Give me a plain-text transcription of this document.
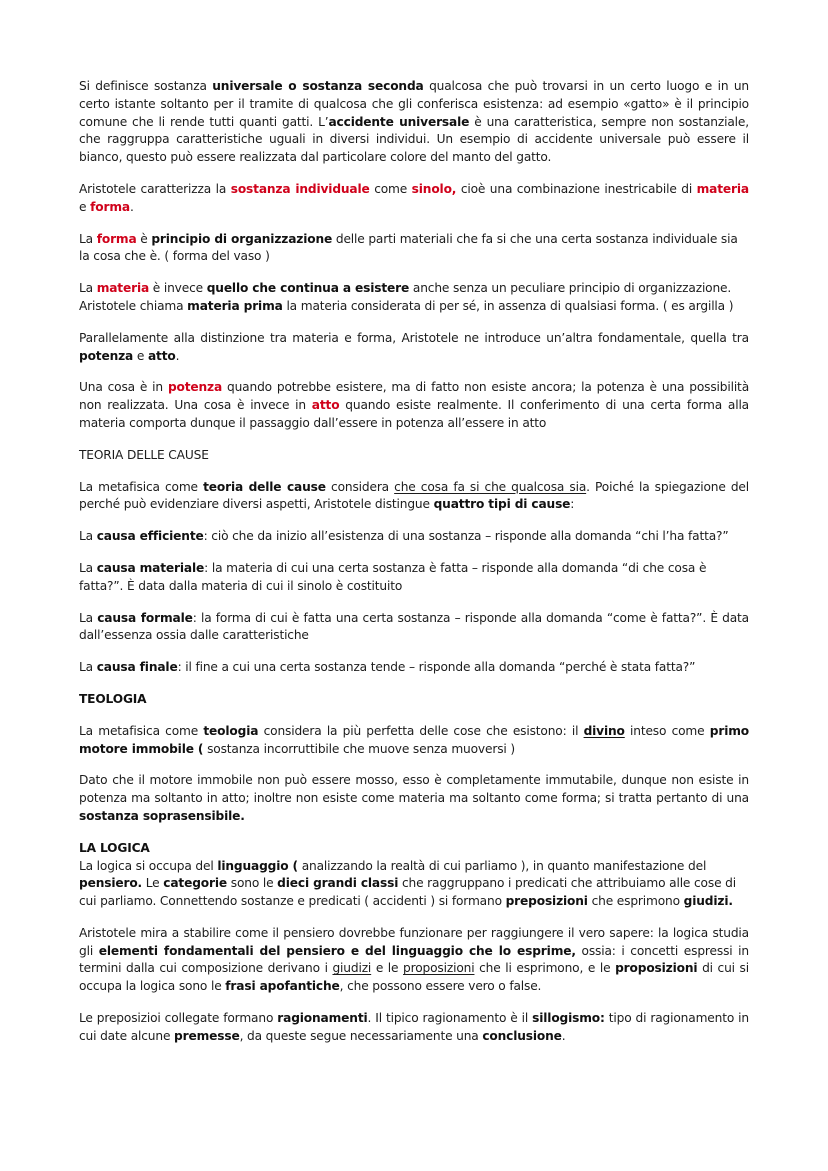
Si definisce sostanza universale o sostanza seconda qualcosa che può trovarsi in un certo luogo e in un certo istante soltanto per il tramite di qualcosa che gli conferisca esistenza: ad esempio «gatto» è il principio comune che li rende tutti quanti gatti. L’accidente universale è una caratteristica, sempre non sostanziale, che raggruppa caratteristiche uguali in diversi individui. Un esempio di accidente universale può essere il bianco, questo può essere realizzata dal particolare colore del manto del gatto.

Aristotele caratterizza la sostanza individuale come sinolo, cioè una combinazione inestricabile di materia e forma.

La forma è principio di organizzazione delle parti materiali che fa si che una certa sostanza individuale sia la cosa che è. ( forma del vaso )

La materia è invece quello che continua a esistere anche senza un peculiare principio di organizzazione.
Aristotele chiama materia prima la materia considerata di per sé, in assenza di qualsiasi forma. ( es argilla )

Parallelamente alla distinzione tra materia e forma, Aristotele ne introduce un’altra fondamentale, quella tra potenza e atto.

Una cosa è in potenza quando potrebbe esistere, ma di fatto non esiste ancora; la potenza è una possibilità non realizzata. Una cosa è invece in atto quando esiste realmente. Il conferimento di una certa forma alla materia comporta dunque il passaggio dall’essere in potenza all’essere in atto

TEORIA DELLE CAUSE

La metafisica come teoria delle cause considera che cosa fa si che qualcosa sia. Poiché la spiegazione del perché può evidenziare diversi aspetti, Aristotele distingue quattro tipi di cause:

La causa efficiente: ciò che da inizio all’esistenza di una sostanza – risponde alla domanda “chi l’ha fatta?”

La causa materiale: la materia di cui una certa sostanza è fatta – risponde alla domanda “di che cosa è fatta?”. È data dalla materia di cui il sinolo è costituito

La causa formale: la forma di cui è fatta una certa sostanza – risponde alla domanda “come è fatta?”. È data dall’essenza ossia dalle caratteristiche

La causa finale: il fine a cui una certa sostanza tende – risponde alla domanda “perché è stata fatta?”

TEOLOGIA

La metafisica come teologia considera la più perfetta delle cose che esistono: il divino inteso come primo motore immobile ( sostanza incorruttibile che muove senza muoversi )

Dato che il motore immobile non può essere mosso, esso è completamente immutabile, dunque non esiste in potenza ma soltanto in atto; inoltre non esiste come materia ma soltanto come forma; si tratta pertanto di una sostanza soprasensibile.

LA LOGICA

La logica si occupa del linguaggio ( analizzando la realtà di cui parliamo ), in quanto manifestazione del pensiero. Le categorie sono le dieci grandi classi che raggruppano i predicati che attribuiamo alle cose di cui parliamo. Connettendo sostanze e predicati ( accidenti ) si formano preposizioni che esprimono giudizi.

Aristotele mira a stabilire come il pensiero dovrebbe funzionare per raggiungere il vero sapere: la logica studia gli elementi fondamentali del pensiero e del linguaggio che lo esprime, ossia: i concetti espressi in termini dalla cui composizione derivano i giudizi e le proposizioni che li esprimono, e le proposizioni di cui si occupa la logica sono le frasi apofantiche, che possono essere vero o false.

Le preposizioi collegate formano ragionamenti. Il tipico ragionamento è il sillogismo: tipo di ragionamento in cui date alcune premesse, da queste segue necessariamente una conclusione.
